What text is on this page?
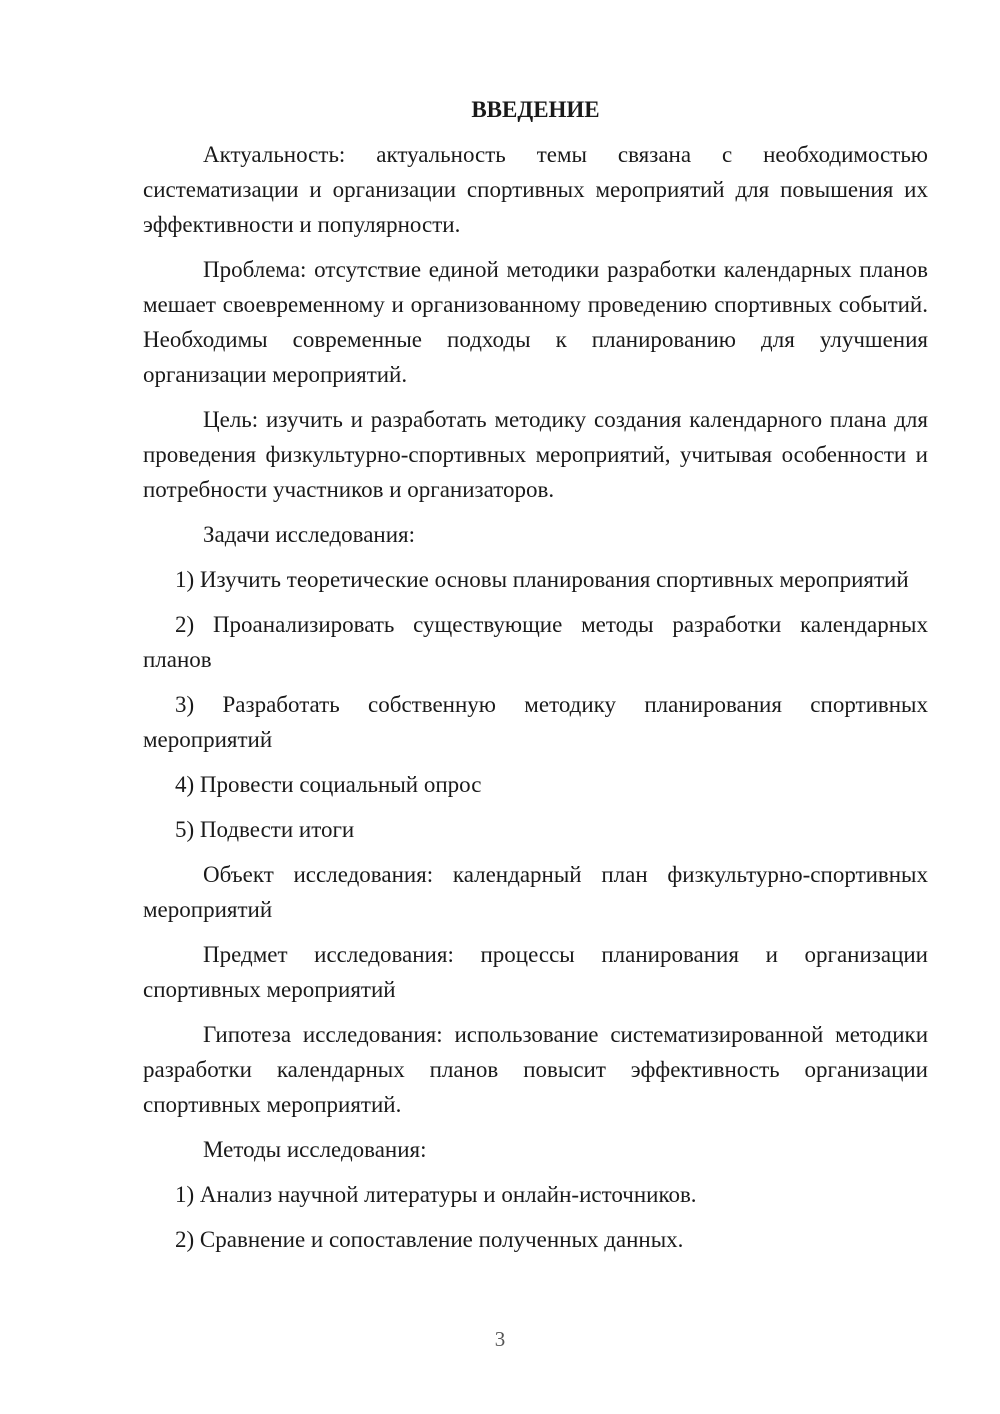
ВВЕДЕНИЕ

Актуальность: актуальность темы связана с необходимостью систематизации и организации спортивных мероприятий для повышения их эффективности и популярности.

Проблема: отсутствие единой методики разработки календарных планов мешает своевременному и организованному проведению спортивных событий. Необходимы современные подходы к планированию для улучшения организации мероприятий.

Цель: изучить и разработать методику создания календарного плана для проведения физкультурно-спортивных мероприятий, учитывая особенности и потребности участников и организаторов.

Задачи исследования:

1) Изучить теоретические основы планирования спортивных мероприятий

2) Проанализировать существующие методы разработки календарных планов

3) Разработать собственную методику планирования спортивных мероприятий

4) Провести социальный опрос

5) Подвести итоги

Объект исследования: календарный план физкультурно-спортивных мероприятий

Предмет исследования: процессы планирования и организации спортивных мероприятий

Гипотеза исследования: использование систематизированной методики разработки календарных планов повысит эффективность организации спортивных мероприятий.

Методы исследования:

1) Анализ научной литературы и онлайн-источников.

2) Сравнение и сопоставление полученных данных.

3
